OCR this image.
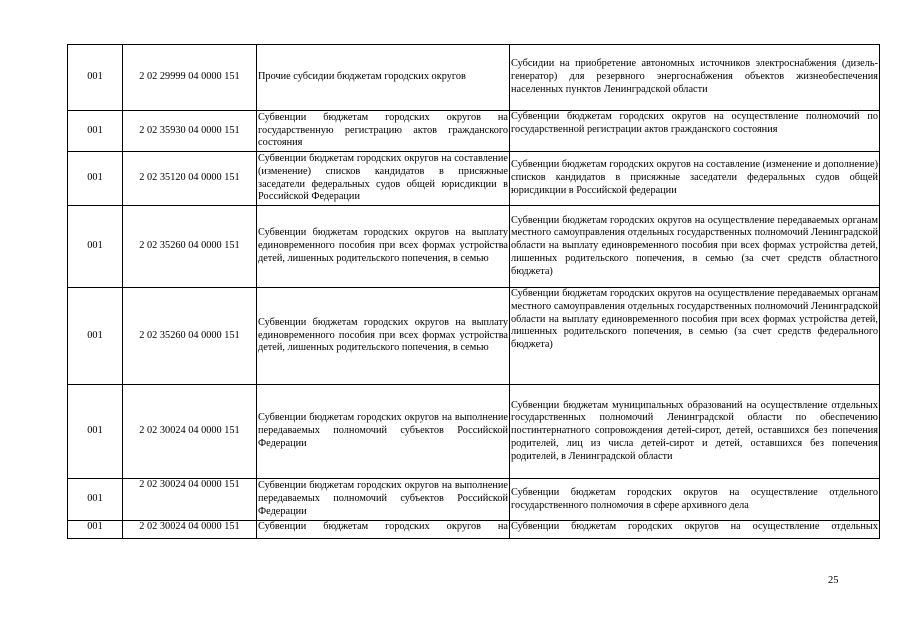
001	2 02 29999 04 0000 151	Прочие субсидии бюджетам городских округов	Субсидии на приобретение автономных источников электроснабжения (дизель-генератор) для резервного энергоснабжения объектов жизнеобеспечения населенных пунктов Ленинградской области
001	2 02 35930 04 0000 151	Субвенции бюджетам городских округов на государственную регистрацию актов гражданского состояния	Субвенции бюджетам городских округов на осуществление полномочий по государственной регистрации актов гражданского состояния
001	2 02 35120 04 0000 151	Субвенции бюджетам городских округов на составление (изменение) списков кандидатов в присяжные заседатели федеральных судов общей юрисдикции в Российской Федерации	Субвенции бюджетам городских округов на составление (изменение и дополнение) списков кандидатов в присяжные заседатели федеральных судов общей юрисдикции в Российской федерации
001	2 02 35260 04 0000 151	Субвенции бюджетам городских округов на выплату единовременного пособия при всех формах устройства детей, лишенных родительского попечения, в семью	Субвенции бюджетам городских округов на осуществление передаваемых органам местного самоуправления отдельных государственных полномочий Ленинградской области на выплату единовременного пособия при всех формах устройства детей, лишенных родительского попечения, в семью (за счет средств областного бюджета)
001	2 02 35260 04 0000 151	Субвенции бюджетам городских округов на выплату единовременного пособия при всех формах устройства детей, лишенных родительского попечения, в семью	Субвенции бюджетам городских округов на осуществление передаваемых органам местного самоуправления отдельных государственных полномочий Ленинградской области на выплату единовременного пособия при всех формах устройства детей, лишенных родительского попечения, в семью (за счет средств федерального бюджета)
001	2 02 30024 04 0000 151	Субвенции бюджетам городских округов на выполнение передаваемых полномочий субъектов Российской Федерации	Субвенции бюджетам муниципальных образований на осуществление отдельных государственных полномочий Ленинградской области по обеспечению постинтернатного сопровождения детей-сирот, детей, оставшихся без попечения родителей, лиц из числа детей-сирот и детей, оставшихся без попечения родителей, в Ленинградской области
001	2 02 30024 04 0000 151	Субвенции бюджетам городских округов на выполнение передаваемых полномочий субъектов Российской Федерации	Субвенции бюджетам городских округов на осуществление отдельного государственного полномочия в сфере архивного дела
001	2 02 30024 04 0000 151	Субвенции бюджетам городских округов на	Субвенции бюджетам городских округов на осуществление отдельных
25
